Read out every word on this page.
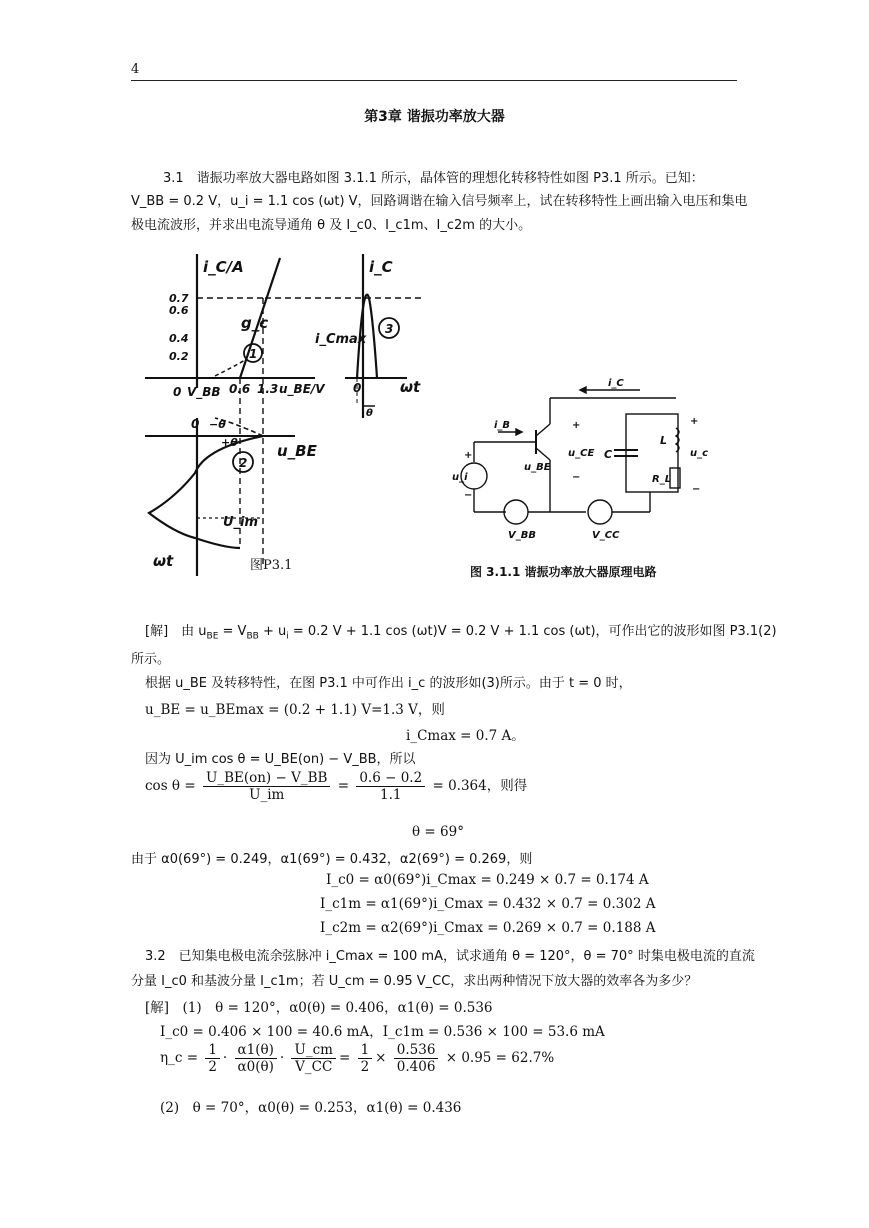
4
第3章 谐振功率放大器
3.1　谐振功率放大器电路如图 3.1.1 所示，晶体管的理想化转移特性如图 P3.1 所示。已知：
V_BB = 0.2 V，u_i = 1.1 cos (ωt) V，回路调谐在输入信号频率上，试在转移特性上画出输入电压和集电
极电流波形，并求出电流导通角 θ 及 I_c0、I_c1m、I_c2m 的大小。
0.7
0.6
0.4
0.2
i_C/A
g_c
0 V_BB 0.6 1.3 u_BE/V
1
i_C
i_Cmax
0	ωt
θ
3
0 −θ
+θ	u_BE
2
U_im
ωt	图P3.1
i_C
i_B
u_i
u_BE
u_CE C
L
R_L
u_c
V_BB	V_CC
+
−
+
−
+
−
图 3.1.1 谐振功率放大器原理电路
[解]　由 $u_{BE} = V_{BB} + u_i = 0.2$ V + 1.1 cos (ωt)V = 0.2 V + 1.1 cos (ωt)，可作出它的波形如图 P3.1(2)
所示。
根据 u_BE 及转移特性，在图 P3.1 中可作出 i_c 的波形如(3)所示。由于 t = 0 时，
u_BE = u_BEmax = (0.2 + 1.1) V=1.3 V，则
i_Cmax = 0.7 A。
因为 U_im cos θ = U_BE(on) − V_BB，所以
$\cos \theta = \frac{U\_BE(on) - V\_BB}{U\_im} = \frac{0.6 - 0.2}{1.1} = 0.364$，则得
θ = 69°
由于 α0(69°) = 0.249，α1(69°) = 0.432，α2(69°) = 0.269，则
I_c0 = α0(69°)i_Cmax = 0.249 × 0.7 = 0.174 A
I_c1m = α1(69°)i_Cmax = 0.432 × 0.7 = 0.302 A
I_c2m = α2(69°)i_Cmax = 0.269 × 0.7 = 0.188 A
3.2　已知集电极电流余弦脉冲 i_Cmax = 100 mA，试求通角 θ = 120°，θ = 70° 时集电极电流的直流
分量 I_c0 和基波分量 I_c1m；若 U_cm = 0.95 V_CC，求出两种情况下放大器的效率各为多少？
[解]　(1)　θ = 120°，α0(θ) = 0.406，α1(θ) = 0.536
I_c0 = 0.406 × 100 = 40.6 mA，I_c1m = 0.536 × 100 = 53.6 mA
η_c = $\frac{1}{2} \cdot \frac{\alpha 1(\theta)}{\alpha 0(\theta)} \cdot \frac{U\_cm}{V\_CC} = \frac{1}{2} \times \frac{0.536}{0.406} \times 0.95 = 62.7\%$
(2)　θ = 70°，α0(θ) = 0.253，α1(θ) = 0.436
